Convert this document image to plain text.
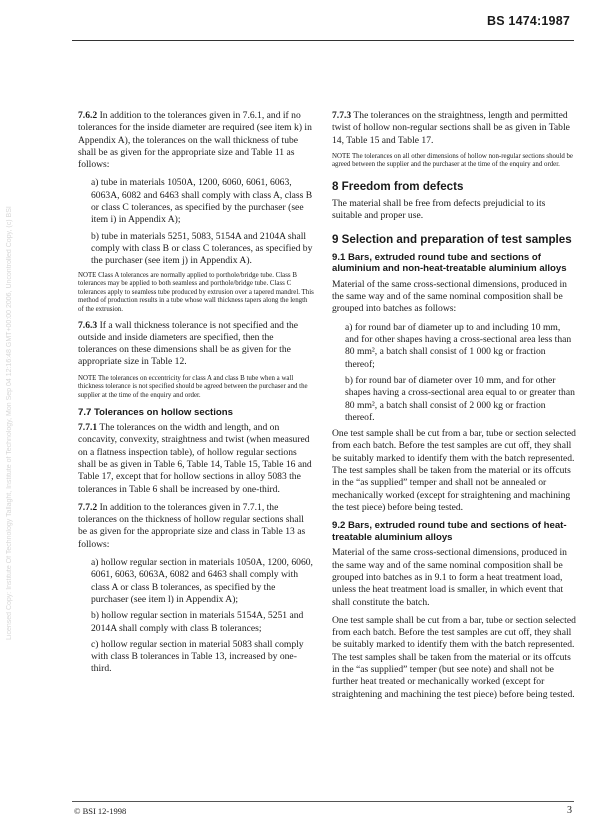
BS 1474:1987
Licensed Copy: Institute Of Technology Tallaght, Institute of Technology, Mon Sep 04 12:16:48 GMT+00:00 2006, Uncontrolled Copy, (c) BSI

7.6.2 In addition to the tolerances given in 7.6.1, and if no tolerances for the inside diameter are required (see item k) in Appendix A), the tolerances on the wall thickness of tube shall be as given for the appropriate size and Table 11 as follows:

a) tube in materials 1050A, 1200, 6060, 6061, 6063, 6063A, 6082 and 6463 shall comply with class A, class B or class C tolerances, as specified by the purchaser (see item i) in Appendix A);

b) tube in materials 5251, 5083, 5154A and 2104A shall comply with class B or class C tolerances, as specified by the purchaser (see item j) in Appendix A).

NOTE Class A tolerances are normally applied to porthole/bridge tube. Class B tolerances may be applied to both seamless and porthole/bridge tube. Class C tolerances apply to seamless tube produced by extrusion over a tapered mandrel. This method of production results in a tube whose wall thickness tapers along the length of the extrusion.

7.6.3 If a wall thickness tolerance is not specified and the outside and inside diameters are specified, then the tolerances on these dimensions shall be as given for the appropriate size in Table 12.

NOTE The tolerances on eccentricity for class A and class B tube when a wall thickness tolerance is not specified should be agreed between the purchaser and the supplier at the time of the enquiry and order.

7.7 Tolerances on hollow sections

7.7.1 The tolerances on the width and length, and on concavity, convexity, straightness and twist (when measured on a flatness inspection table), of hollow regular sections shall be as given in Table 6, Table 14, Table 15, Table 16 and Table 17, except that for hollow sections in alloy 5083 the tolerances in Table 6 shall be increased by one-third.

7.7.2 In addition to the tolerances given in 7.7.1, the tolerances on the thickness of hollow regular sections shall be as given for the appropriate size and class in Table 13 as follows:

a) hollow regular section in materials 1050A, 1200, 6060, 6061, 6063, 6063A, 6082 and 6463 shall comply with class A or class B tolerances, as specified by the purchaser (see item l) in Appendix A);

b) hollow regular section in materials 5154A, 5251 and 2014A shall comply with class B tolerances;

c) hollow regular section in material 5083 shall comply with class B tolerances in Table 13, increased by one-third.

7.7.3 The tolerances on the straightness, length and permitted twist of hollow non-regular sections shall be as given in Table 14, Table 15 and Table 17.

NOTE The tolerances on all other dimensions of hollow non-regular sections should be agreed between the supplier and the purchaser at the time of the enquiry and order.

8 Freedom from defects

The material shall be free from defects prejudicial to its suitable and proper use.

9 Selection and preparation of test samples
9.1 Bars, extruded round tube and sections of aluminium and non-heat-treatable aluminium alloys

Material of the same cross-sectional dimensions, produced in the same way and of the same nominal composition shall be grouped into batches as follows:

a) for round bar of diameter up to and including 10 mm, and for other shapes having a cross-sectional area less than 80 mm², a batch shall consist of 1 000 kg or fraction thereof;

b) for round bar of diameter over 10 mm, and for other shapes having a cross-sectional area equal to or greater than 80 mm², a batch shall consist of 2 000 kg or fraction thereof.

One test sample shall be cut from a bar, tube or section selected from each batch. Before the test samples are cut off, they shall be suitably marked to identify them with the batch represented. The test samples shall be taken from the material or its offcuts in the “as supplied” temper and shall not be annealed or mechanically worked (except for straightening and machining the test piece) before being tested.

9.2 Bars, extruded round tube and sections of heat-treatable aluminium alloys

Material of the same cross-sectional dimensions, produced in the same way and of the same nominal composition shall be grouped into batches as in 9.1 to form a heat treatment load, unless the heat treatment load is smaller, in which event that shall constitute the batch.

One test sample shall be cut from a bar, tube or section selected from each batch. Before the test samples are cut off, they shall be suitably marked to identify them with the batch represented. The test samples shall be taken from the material or its offcuts in the “as supplied” temper (but see note) and shall not be further heat treated or mechanically worked (except for straightening and machining the test piece) before being tested.

© BSI 12-1998	3
